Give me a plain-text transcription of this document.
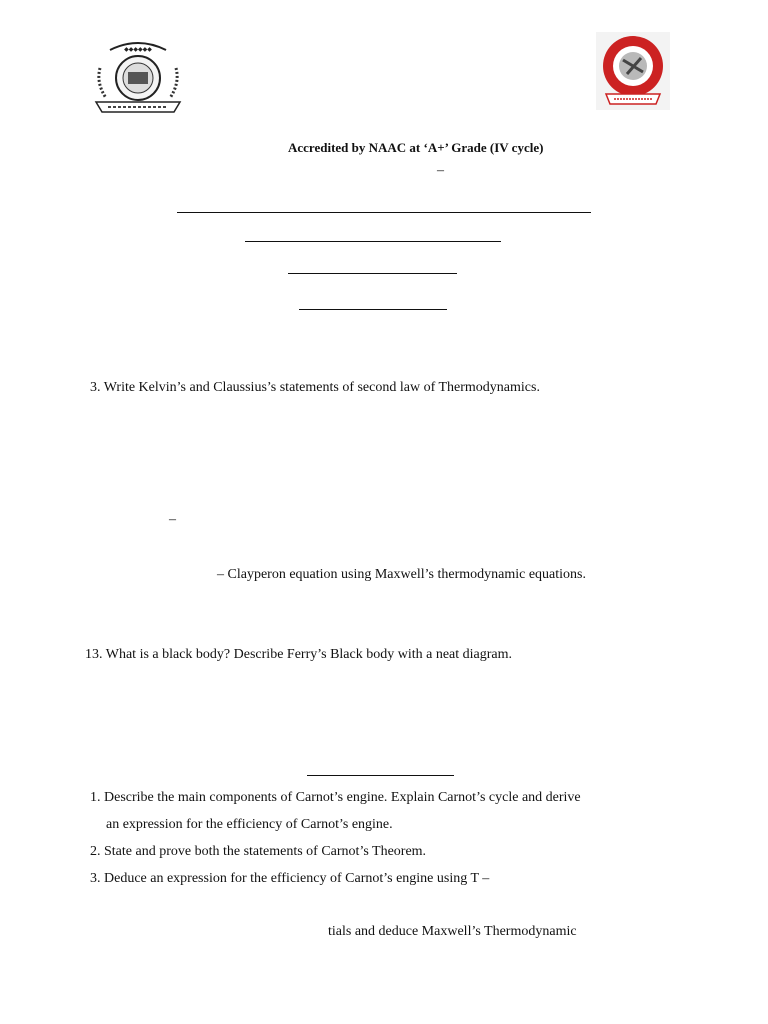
◆◆◆◆◆◆
Accredited by NAAC at ‘A+’ Grade (IV cycle)
–
3. Write Kelvin’s and Claussius’s statements of second law of Thermodynamics.
–
– Clayperon equation using Maxwell’s thermodynamic equations.
13. What is a black body? Describe Ferry’s Black body with a neat diagram.
1. Describe the main components of Carnot’s engine. Explain Carnot’s cycle and derive
an expression for the efficiency of Carnot’s engine.
2. State and prove both the statements of Carnot’s Theorem.
3. Deduce an expression for the efficiency of Carnot’s engine using T –
tials and deduce Maxwell’s Thermodynamic
